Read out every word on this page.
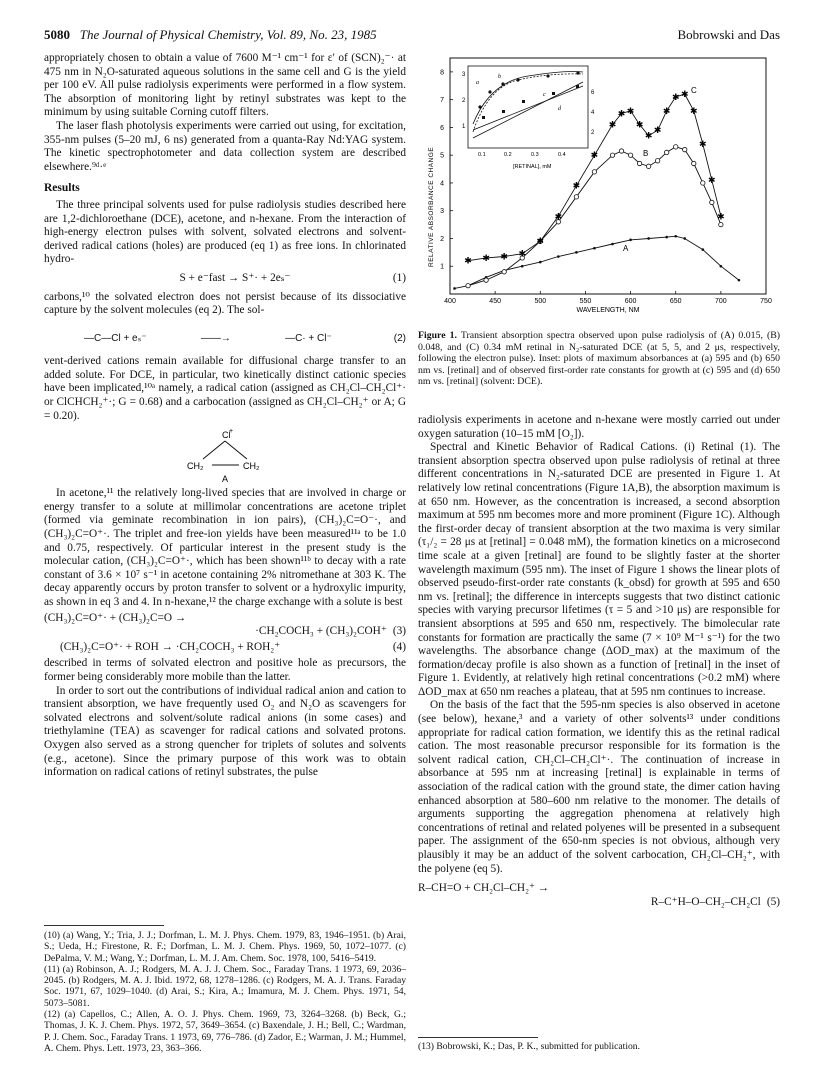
5080 The Journal of Physical Chemistry, Vol. 89, No. 23, 1985	Bobrowski and Das

appropriately chosen to obtain a value of 7600 M⁻¹ cm⁻¹ for ε′ of (SCN)₂⁻· at 475 nm in N₂O-saturated aqueous solutions in the same cell and G is the yield per 100 eV. All pulse radiolysis experiments were performed in a flow system. The absorption of monitoring light by retinyl substrates was kept to the minimum by using suitable Corning cutoff filters.

The laser flash photolysis experiments were carried out using, for excitation, 355-nm pulses (5–20 mJ, 6 ns) generated from a quanta-Ray Nd:YAG system. The kinetic spectrophotometer and data collection system are described elsewhere.⁹ᵈ·ᵉ

Results

The three principal solvents used for pulse radiolysis studies described here are 1,2-dichloroethane (DCE), acetone, and n-hexane. From the interaction of high-energy electron pulses with solvent, solvated electrons and solvent-derived radical cations (holes) are produced (eq 1) as free ions. In chlorinated hydro-

S + e⁻fast → S⁺· + 2eₛ⁻	(1)

carbons,¹⁰ the solvated electron does not persist because of its dissociative capture by the solvent molecules (eq 2). The sol-

—C—Cl + eₛ⁻	——→	—C· + Cl⁻	(2)

vent-derived cations remain available for diffusional charge transfer to an added solute. For DCE, in particular, two kinetically distinct cationic species have been implicated,¹⁰ᵃ namely, a radical cation (assigned as CH₂Cl–CH₂Cl⁺· or ClCHCH₂⁺·; G = 0.68) and a carbocation (assigned as CH₂Cl–CH₂⁺ or A; G = 0.20).

Cl
+
CH₂	CH₂
A

In acetone,¹¹ the relatively long-lived species that are involved in charge or energy transfer to a solute at millimolar concentrations are acetone triplet (formed via geminate recombination in ion pairs), (CH₃)₂C=O⁻·, and (CH₃)₂C=O⁺·. The triplet and free-ion yields have been measured¹¹ᵃ to be 1.0 and 0.75, respectively. Of particular interest in the present study is the molecular cation, (CH₃)₂C=O⁺·, which has been shown¹¹ᵇ to decay with a rate constant of 3.6 × 10⁷ s⁻¹ in acetone containing 2% nitromethane at 303 K. The decay apparently occurs by proton transfer to solvent or a hydroxylic impurity, as shown in eq 3 and 4. In n-hexane,¹² the charge exchange with a solute is best

(CH₃)₂C=O⁺· + (CH₃)₂C=O →
·CH₂COCH₃ + (CH₃)₂COH⁺ (3)
(CH₃)₂C=O⁺· + ROH → ·CH₂COCH₃ + ROH₂⁺	(4)

described in terms of solvated electron and positive hole as precursors, the former being considerably more mobile than the latter.

In order to sort out the contributions of individual radical anion and cation to transient absorption, we have frequently used O₂ and N₂O as scavengers for solvated electrons and solvent/solute radical anions (in some cases) and triethylamine (TEA) as scavenger for radical cations and solvated protons. Oxygen also served as a strong quencher for triplets of solutes and solvents (e.g., acetone). Since the primary purpose of this work was to obtain information on radical cations of retinyl substrates, the pulse

(10) (a) Wang, Y.; Tria, J. J.; Dorfman, L. M. J. Phys. Chem. 1979, 83, 1946–1951. (b) Arai, S.; Ueda, H.; Firestone, R. F.; Dorfman, L. M. J. Chem. Phys. 1969, 50, 1072–1077. (c) DePalma, V. M.; Wang, Y.; Dorfman, L. M. J. Am. Chem. Soc. 1978, 100, 5416–5419.
(11) (a) Robinson, A. J.; Rodgers, M. A. J. J. Chem. Soc., Faraday Trans. 1 1973, 69, 2036–2045. (b) Rodgers, M. A. J. Ibid. 1972, 68, 1278–1286. (c) Rodgers, M. A. J. Trans. Faraday Soc. 1971, 67, 1029–1040. (d) Arai, S.; Kira, A.; Imamura, M. J. Chem. Phys. 1971, 54, 5073–5081.
(12) (a) Capellos, C.; Allen, A. O. J. Phys. Chem. 1969, 73, 3264–3268. (b) Beck, G.; Thomas, J. K. J. Chem. Phys. 1972, 57, 3649–3654. (c) Baxendale, J. H.; Bell, C.; Wardman, P. J. Chem. Soc., Faraday Trans. 1 1973, 69, 776–786. (d) Zador, E.; Warman, J. M.; Hummel, A. Chem. Phys. Lett. 1973, 23, 363–366.
1
2
3
4
5
6
7
8
400	450	500	550	600	650	700	750
RELATIVE ABSORBANCE CHANGE
WAVELENGTH, NM
✱ ✱ ✱ ✱
✱
✱
✱
✱
✱
✱ ✱
✱
✱
✱
✱
✱ ✱
✱
✱
✱
✱
A
B
C
3
2
1
6
4
2
0.1	0.2	0.3	0.4
[RETINAL], mM
a
b
c
d
Figure 1. Transient absorption spectra observed upon pulse radiolysis of (A) 0.015, (B) 0.048, and (C) 0.34 mM retinal in N₂-saturated DCE (at 5, 5, and 2 μs, respectively, following the electron pulse). Inset: plots of maximum absorbances at (a) 595 and (b) 650 nm vs. [retinal] and of observed first-order rate constants for growth at (c) 595 and (d) 650 nm vs. [retinal] (solvent: DCE).

radiolysis experiments in acetone and n-hexane were mostly carried out under oxygen saturation (10–15 mM [O₂]).

Spectral and Kinetic Behavior of Radical Cations. (i) Retinal (1). The transient absorption spectra observed upon pulse radiolysis of retinal at three different concentrations in N₂-saturated DCE are presented in Figure 1. At relatively low retinal concentrations (Figure 1A,B), the absorption maximum is at 650 nm. However, as the concentration is increased, a second absorption maximum at 595 nm becomes more and more prominent (Figure 1C). Although the first-order decay of transient absorption at the two maxima is very similar (τ₁/₂ = 28 μs at [retinal] = 0.048 mM), the formation kinetics on a microsecond time scale at a given [retinal] are found to be slightly faster at the shorter wavelength maximum (595 nm). The inset of Figure 1 shows the linear plots of observed pseudo-first-order rate constants (k_obsd) for growth at 595 and 650 nm vs. [retinal]; the difference in intercepts suggests that two distinct cationic species with varying precursor lifetimes (τ = 5 and >10 μs) are responsible for transient absorptions at 595 and 650 nm, respectively. The bimolecular rate constants for formation are practically the same (7 × 10⁹ M⁻¹ s⁻¹) for the two wavelengths. The absorbance change (ΔOD_max) at the maximum of the formation/decay profile is also shown as a function of [retinal] in the inset of Figure 1. Evidently, at relatively high retinal concentrations (>0.2 mM) where ΔOD_max at 650 nm reaches a plateau, that at 595 nm continues to increase.

On the basis of the fact that the 595-nm species is also observed in acetone (see below), hexane,³ and a variety of other solvents¹³ under conditions appropriate for radical cation formation, we identify this as the retinal radical cation. The most reasonable precursor responsible for its formation is the solvent radical cation, CH₂Cl–CH₂Cl⁺·. The continuation of increase in absorbance at 595 nm at increasing [retinal] is explainable in terms of association of the radical cation with the ground state, the dimer cation having enhanced absorption at 580–600 nm relative to the monomer. The details of arguments supporting the aggregation phenomena at relatively high concentrations of retinal and related polyenes will be presented in a subsequent paper. The assignment of the 650-nm species is not obvious, although very plausibly it may be an adduct of the solvent carbocation, CH₂Cl–CH₂⁺, with the polyene (eq 5).

R–CH=O + CH₂Cl–CH₂⁺ →
R–C⁺H–O–CH₂–CH₂Cl (5)
(13) Bobrowski, K.; Das, P. K., submitted for publication.
